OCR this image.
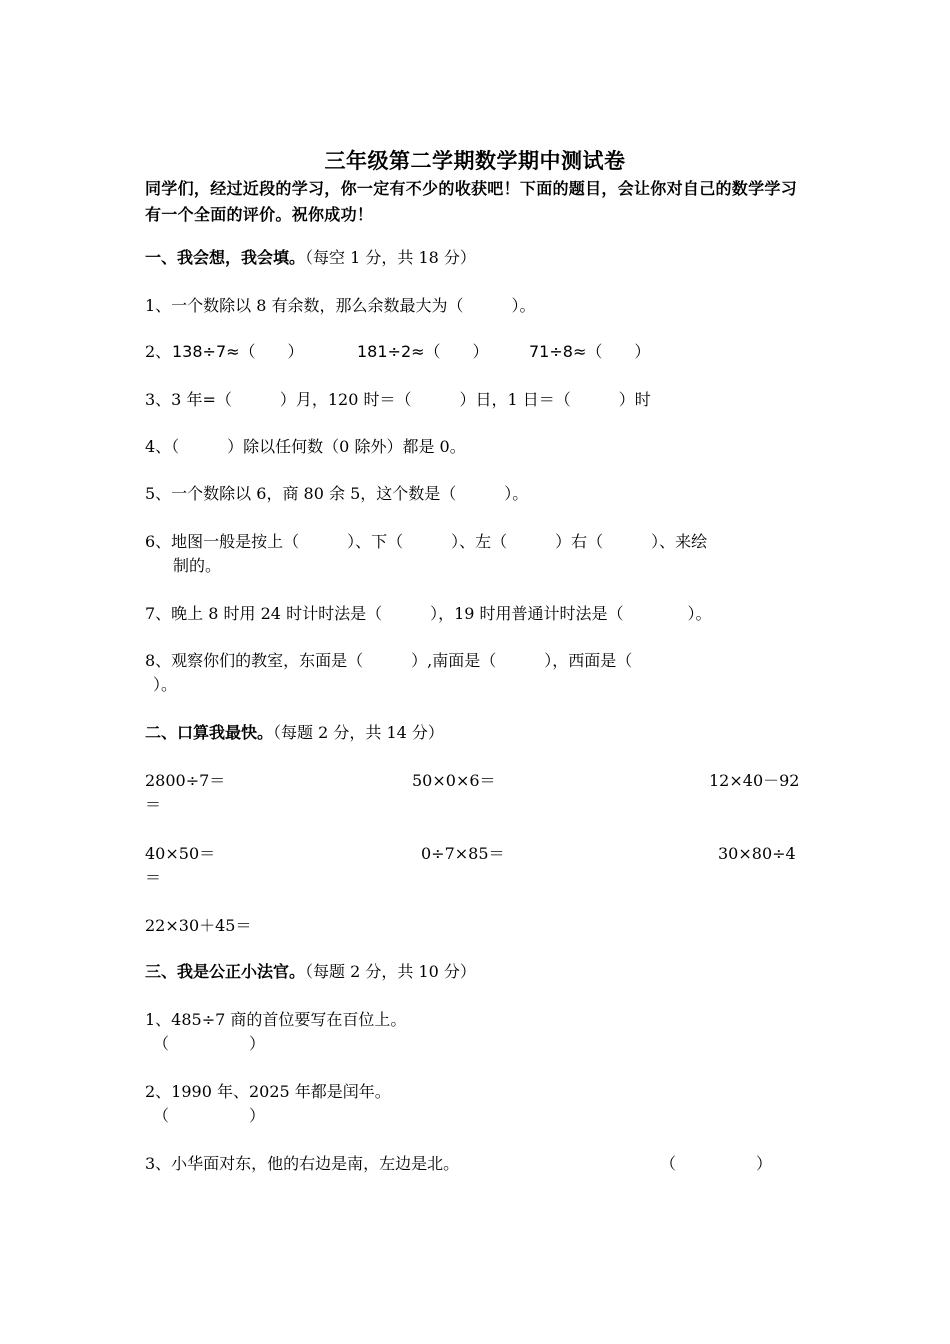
三年级第二学期数学期中测试卷
同学们，经过近段的学习，你一定有不少的收获吧！下面的题目，会让你对自己的数学学习有一个全面的评价。祝你成功！
一、我会想，我会填。（每空 1 分，共 18 分）
1、一个数除以 8 有余数，那么余数最大为（　　　）。
2、 138÷7≈（　　）	181÷2≈（　　）	71÷8≈（　　）
3、3 年=（　　　）月，120 时＝（　　　）日，1 日＝（　　　）时
4、（　　　）除以任何数（0 除外）都是 0。
5、一个数除以 6，商 80 余 5，这个数是（　　　）。
6、地图一般是按上（　　　）、下（　　　）、左（　　　）右（　　　）、来绘
制的。
7、晚上 8 时用 24 时计时法是（　　　），19 时用普通计时法是（　　　　）。
8、观察你们的教室，东面是（　　　）,南面是（　　　），西面是（
）。
二、口算我最快。（每题 2 分，共 14 分）
2800÷7＝	50×0×6＝	12×40－92
＝
40×50＝	0÷7×85＝	30×80÷4
＝
22×30＋45＝
三、我是公正小法官。（每题 2 分，共 10 分）
1、485÷7 商的首位要写在百位上。
（　　　　　）
2、1990 年、2025 年都是闰年。
（　　　　　）
3、小华面对东，他的右边是南，左边是北。	（　　　　　）
